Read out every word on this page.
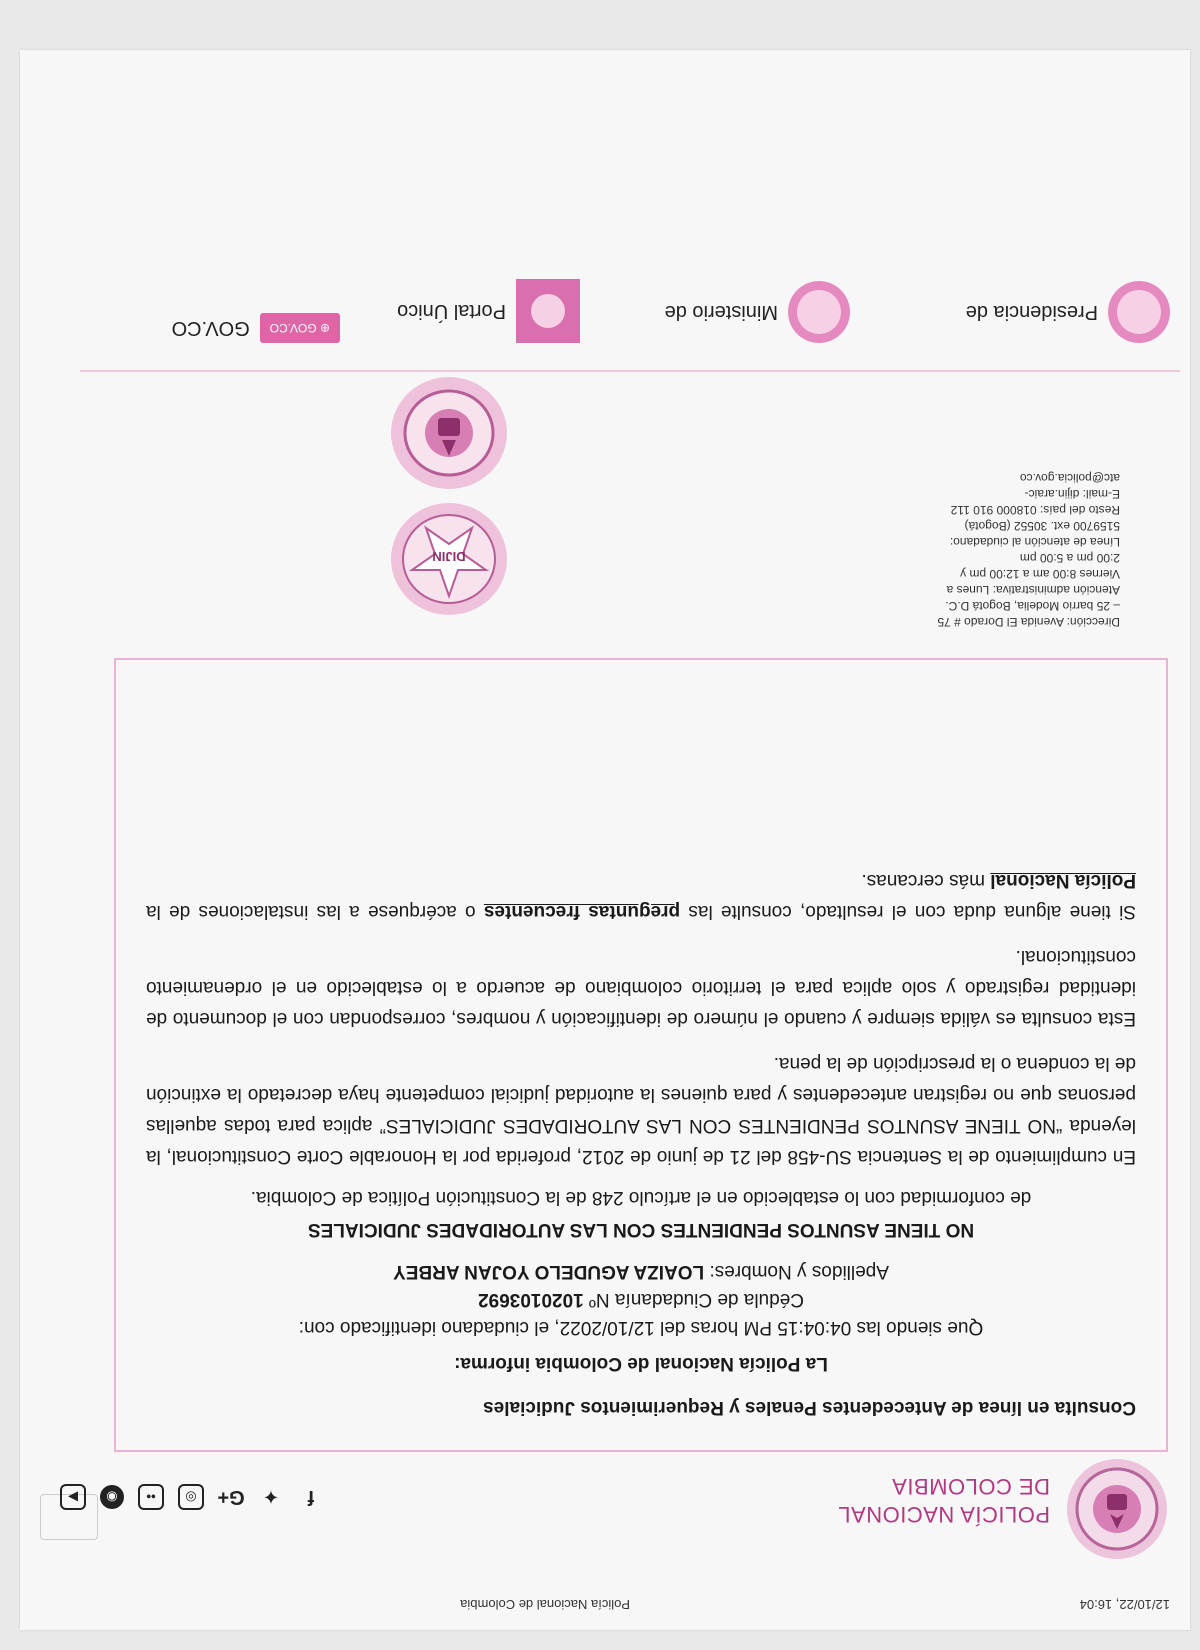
12/10/22, 16:04
Policía Nacional de Colombia
POLICÍA NACIONAL
DE COLOMBIA
f
✦
G+
◎
••
◉
▶

Consulta en línea de Antecedentes Penales y Requerimientos Judiciales

La Policía Nacional de Colombia informa:

Que siendo las 04:04:15 PM horas del 12/10/2022, el ciudadano identificado con:

Cédula de Ciudadanía Nº 1020103692

Apellidos y Nombres: LOAIZA AGUDELO YOJAN ARBEY

NO TIENE ASUNTOS PENDIENTES CON LAS AUTORIDADES JUDICIALES

de conformidad con lo establecido en el artículo 248 de la Constitución Política de Colombia.

En cumplimiento de la Sentencia SU-458 del 21 de junio de 2012, proferida por la Honorable Corte Constitucional, la leyenda “NO TIENE ASUNTOS PENDIENTES CON LAS AUTORIDADES JUDICIALES” aplica para todas aquellas personas que no registran antecedentes y para quienes la autoridad judicial competente haya decretado la extinción de la condena o la prescripción de la pena.

Esta consulta es válida siempre y cuando el número de identificación y nombres, correspondan con el documento de identidad registrado y solo aplica para el territorio colombiano de acuerdo a lo establecido en el ordenamiento constitucional.

Si tiene alguna duda con el resultado, consulte las preguntas frecuentes o acérquese a las instalaciones de la Policía Nacional más cercanas.

DIJIN
Dirección: Avenida El Dorado # 75
– 25 barrio Modelia, Bogotá D.C.
Atención administrativa: Lunes a
Viernes 8:00 am a 12:00 pm y
2:00 pm a 5:00 pm
Línea de atención al ciudadano:
5159700 ext. 30552 (Bogotá)
Resto del país: 018000 910 112
E-mail: dijin.araic-
atc@policia.gov.co
Presidencia de
Ministerio de
Portal Único
⊕ GOV.CO
GOV.CO
